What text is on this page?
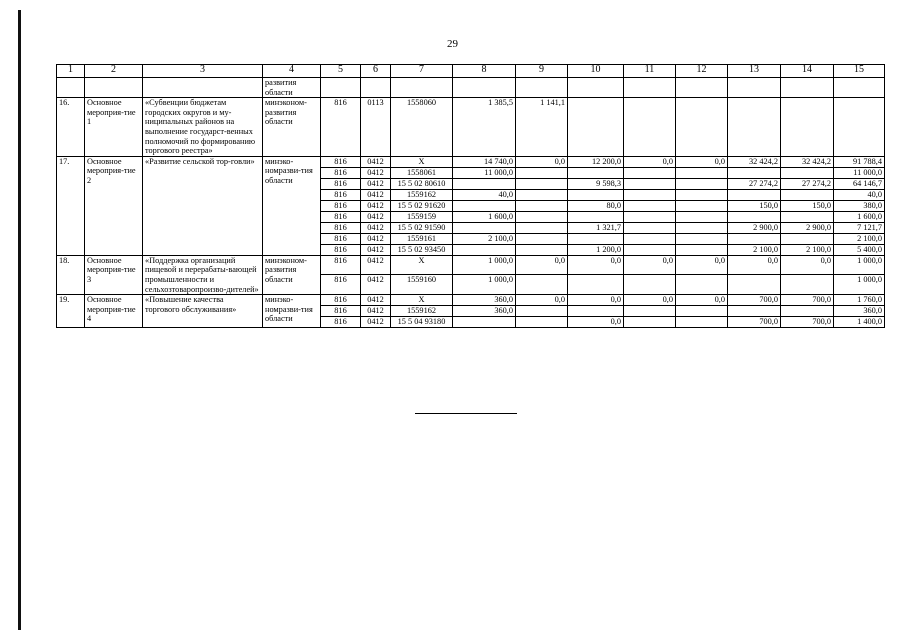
29
1	2	3	4	5	6	7	8	9	10	11	12	13	14	15	
			развития области												
16.	Основное мероприя-тие 1	«Субвенции бюджетам городских округов и му-ниципальных районов на выполнение государст-венных полномочий по формированию торгового реестра»	минэконом-развития области	816	0113	1558060	1 385,5	1 141,1							
17.	Основное мероприя-тие 2	«Развитие сельской тор-говли»	минэко-номразви-тия области	816	0412	X	14 740,0	0,0	12 200,0	0,0	0,0	32 424,2	32 424,2	91 788,4	
				816	0412	1558061	11 000,0							11 000,0	
				816	0412	15 5 02 80610			9 598,3			27 274,2	27 274,2	64 146,7	
				816	0412	1559162	40,0							40,0	
				816	0412	15 5 02 91620			80,0			150,0	150,0	380,0	
				816	0412	1559159	1 600,0							1 600,0	
				816	0412	15 5 02 91590			1 321,7			2 900,0	2 900,0	7 121,7	
				816	0412	1559161	2 100,0							2 100,0	
				816	0412	15 5 02 93450			1 200,0			2 100,0	2 100,0	5 400,0	
18.	Основное мероприя-тие 3	«Поддержка организаций пищевой и перерабаты-вающей промышленности и сельхозтоваропроизво-дителей»	минэконом-развития области	816	0412	X	1 000,0	0,0	0,0	0,0	0,0	0,0	0,0	1 000,0	
				816	0412	1559160	1 000,0							1 000,0	
19.	Основное мероприя-тие 4	«Повышение качества торгового обслуживания»	минэко-номразви-тия области	816	0412	X	360,0	0,0	0,0	0,0	0,0	700,0	700,0	1 760,0	
				816	0412	1559162	360,0							360,0	
				816	0412	15 5 04 93180			0,0			700,0	700,0	1 400,0	
